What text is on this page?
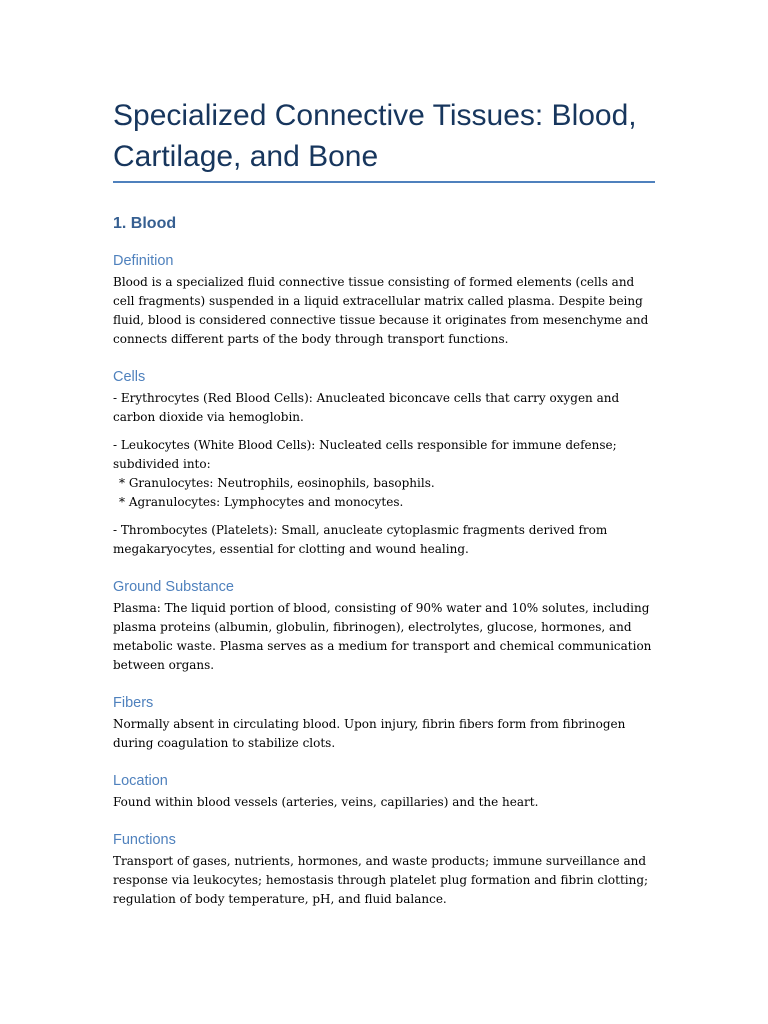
Specialized Connective Tissues: Blood,
Cartilage, and Bone
1. Blood
Definition

Blood is a specialized fluid connective tissue consisting of formed elements (cells and cell fragments) suspended in a liquid extracellular matrix called plasma. Despite being fluid, blood is considered connective tissue because it originates from mesenchyme and connects different parts of the body through transport functions.

Cells

- Erythrocytes (Red Blood Cells): Anucleated biconcave cells that carry oxygen and carbon dioxide via hemoglobin.

- Leukocytes (White Blood Cells): Nucleated cells responsible for immune defense; subdivided into:
* Granulocytes: Neutrophils, eosinophils, basophils.
* Agranulocytes: Lymphocytes and monocytes.

- Thrombocytes (Platelets): Small, anucleate cytoplasmic fragments derived from megakaryocytes, essential for clotting and wound healing.

Ground Substance

Plasma: The liquid portion of blood, consisting of 90% water and 10% solutes, including plasma proteins (albumin, globulin, fibrinogen), electrolytes, glucose, hormones, and metabolic waste. Plasma serves as a medium for transport and chemical communication between organs.

Fibers

Normally absent in circulating blood. Upon injury, fibrin fibers form from fibrinogen during coagulation to stabilize clots.

Location

Found within blood vessels (arteries, veins, capillaries) and the heart.

Functions

Transport of gases, nutrients, hormones, and waste products; immune surveillance and response via leukocytes; hemostasis through platelet plug formation and fibrin clotting; regulation of body temperature, pH, and fluid balance.
